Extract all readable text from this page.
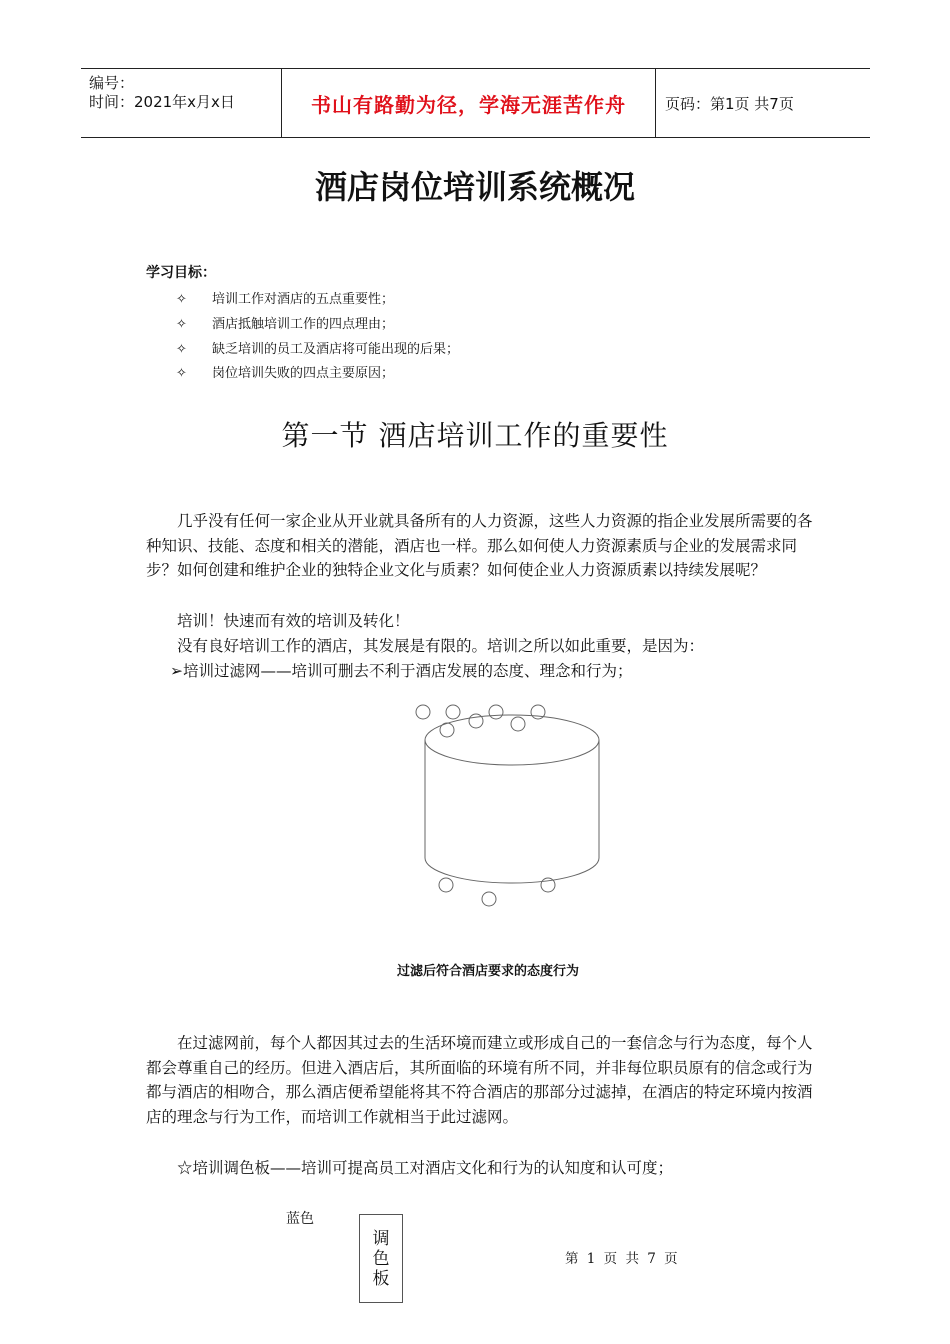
编号：
时间：2021年x月x日	书山有路勤为径，学海无涯苦作舟	页码：第1页 共7页
酒店岗位培训系统概况
学习目标：
✧ 培训工作对酒店的五点重要性；
✧ 酒店抵触培训工作的四点理由；
✧ 缺乏培训的员工及酒店将可能出现的后果；
✧ 岗位培训失败的四点主要原因；
第一节 酒店培训工作的重要性
几乎没有任何一家企业从开业就具备所有的人力资源，这些人力资源的指企业发展所需要的各种知识、技能、态度和相关的潜能，酒店也一样。那么如何使人力资源素质与企业的发展需求同步？如何创建和维护企业的独特企业文化与质素？如何使企业人力资源质素以持续发展呢？
培训！快速而有效的培训及转化！
没有良好培训工作的酒店，其发展是有限的。培训之所以如此重要，是因为：
➢培训过滤网——培训可删去不利于酒店发展的态度、理念和行为；
过滤后符合酒店要求的态度行为
在过滤网前，每个人都因其过去的生活环境而建立或形成自己的一套信念与行为态度，每个人都会尊重自己的经历。但进入酒店后，其所面临的环境有所不同，并非每位职员原有的信念或行为都与酒店的相吻合，那么酒店便希望能将其不符合酒店的那部分过滤掉，在酒店的特定环境内按酒店的理念与行为工作，而培训工作就相当于此过滤网。
☆培训调色板——培训可提高员工对酒店文化和行为的认知度和认可度；
蓝色
调
色
板
第 1 页 共 7 页
